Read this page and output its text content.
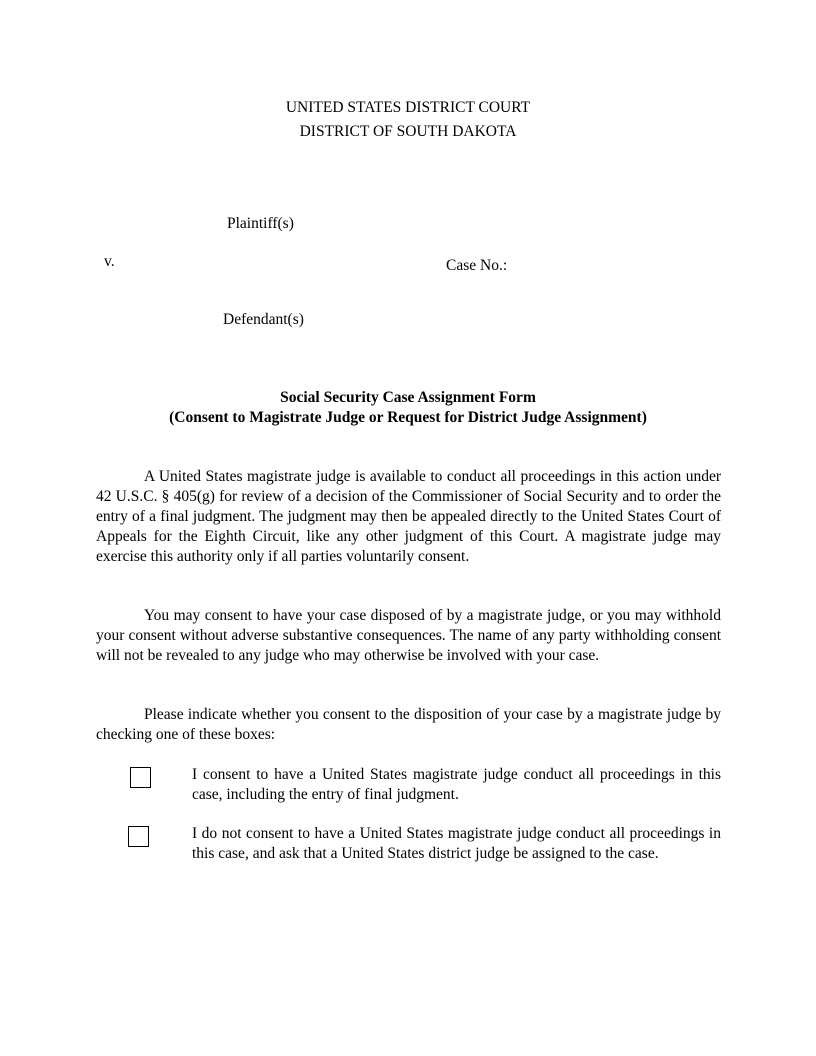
UNITED STATES DISTRICT COURT
DISTRICT OF SOUTH DAKOTA
Plaintiff(s)
v.	Case No.:
Defendant(s)
Social Security Case Assignment Form
(Consent to Magistrate Judge or Request for District Judge Assignment)

A United States magistrate judge is available to conduct all proceedings in this action under 42 U.S.C. § 405(g) for review of a decision of the Commissioner of Social Security and to order the entry of a final judgment. The judgment may then be appealed directly to the United States Court of Appeals for the Eighth Circuit, like any other judgment of this Court. A magistrate judge may exercise this authority only if all parties voluntarily consent.

You may consent to have your case disposed of by a magistrate judge, or you may withhold your consent without adverse substantive consequences. The name of any party withholding consent will not be revealed to any judge who may otherwise be involved with your case.

Please indicate whether you consent to the disposition of your case by a magistrate judge by checking one of these boxes:

I consent to have a United States magistrate judge conduct all proceedings in this case, including the entry of final judgment.

I do not consent to have a United States magistrate judge conduct all proceedings in this case, and ask that a United States district judge be assigned to the case.
